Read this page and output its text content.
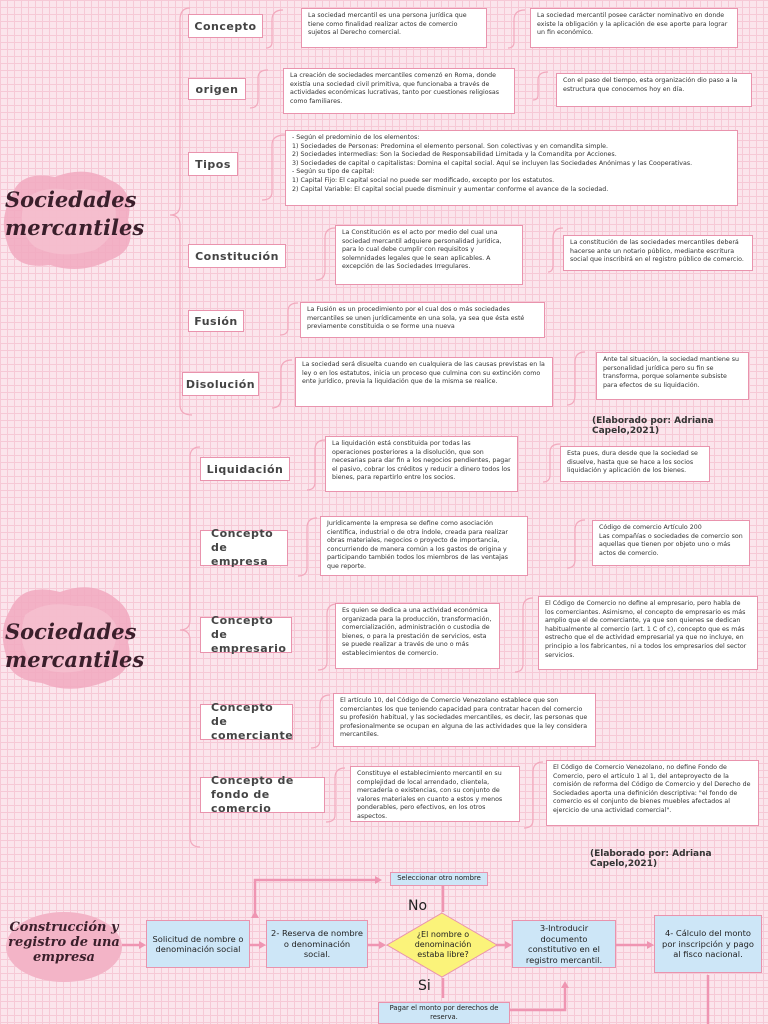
Sociedades mercantiles
Sociedades mercantiles
Concepto
origen
Tipos
Constitución
Fusión
Disolución
La sociedad mercantil es una persona jurídica que tiene como finalidad realizar actos de comercio sujetos al Derecho comercial.
La sociedad mercantil posee carácter nominativo en donde existe la obligación y la aplicación de ese aporte para lograr un fin económico.
La creación de sociedades mercantiles comenzó en Roma, donde existía una sociedad civil primitiva, que funcionaba a través de actividades económicas lucrativas, tanto por cuestiones religiosas como familiares.
Con el paso del tiempo, esta organización dio paso a la estructura que conocemos hoy en día.
- Según el predominio de los elementos:
1) Sociedades de Personas: Predomina el elemento personal. Son colectivas y en comandita simple.
2) Sociedades intermedias: Son la Sociedad de Responsabilidad Limitada y la Comandita por Acciones.
3) Sociedades de capital o capitalistas: Domina el capital social. Aquí se incluyen las Sociedades Anónimas y las Cooperativas.
- Según su tipo de capital:
1) Capital Fijo: El capital social no puede ser modificado, excepto por los estatutos.
2) Capital Variable: El capital social puede disminuir y aumentar conforme el avance de la sociedad.
La Constitución es el acto por medio del cual una sociedad mercantil adquiere personalidad jurídica, para lo cual debe cumplir con requisitos y solemnidades legales que le sean aplicables. A excepción de las Sociedades Irregulares.
La constitución de las sociedades mercantiles deberá hacerse ante un notario público, mediante escritura social que inscribirá en el registro público de comercio.
La Fusión es un procedimiento por el cual dos o más sociedades mercantiles se unen jurídicamente en una sola, ya sea que ésta esté previamente constituida o se forme una nueva
La sociedad será disuelta cuando en cualquiera de las causas previstas en la ley o en los estatutos, inicia un proceso que culmina con su extinción como ente jurídico, previa la liquidación que de la misma se realice.
Ante tal situación, la sociedad mantiene su personalidad jurídica pero su fin se transforma, porque solamente subsiste para efectos de su liquidación.
(Elaborado por: Adriana Capelo,2021)
Liquidación
Concepto de empresa
Concepto de empresario
Concepto de comerciante
Concepto de fondo de comercio
La liquidación está constituida por todas las operaciones posteriores a la disolución, que son necesarias para dar fin a los negocios pendientes, pagar el pasivo, cobrar los créditos y reducir a dinero todos los bienes, para repartirlo entre los socios.
Esta pues, dura desde que la sociedad se disuelve, hasta que se hace a los socios liquidación y aplicación de los bienes.
Jurídicamente la empresa se define como asociación científica, industrial o de otra índole, creada para realizar obras materiales, negocios o proyecto de importancia, concurriendo de manera común a los gastos de origina y participando también todos los miembros de las ventajas que reporte.
Código de comercio Artículo 200
Las compañías o sociedades de comercio son aquellas que tienen por objeto uno o más actos de comercio.
Es quien se dedica a una actividad económica organizada para la producción, transformación, comercialización, administración o custodia de bienes, o para la prestación de servicios, esta se puede realizar a través de uno o más establecimientos de comercio.
El Código de Comercio no define al empresario, pero habla de los comerciantes. Asimismo, el concepto de empresario es más amplio que el de comerciante, ya que son quienes se dedican habitualmente al comercio (art. 1 C of c), concepto que es más estrecho que el de actividad empresarial ya que no incluye, en principio a los fabricantes, ni a todos los empresarios del sector servicios.
El artículo 10, del Código de Comercio Venezolano establece que son comerciantes los que teniendo capacidad para contratar hacen del comercio su profesión habitual, y las sociedades mercantiles, es decir, las personas que profesionalmente se ocupan en alguna de las actividades que la ley considera mercantiles.
Constituye el establecimiento mercantil en su complejidad de local arrendado, clientela, mercadería o existencias, con su conjunto de valores materiales en cuanto a estos y menos ponderables, pero efectivos, en los otros aspectos.
El Código de Comercio Venezolano, no define Fondo de Comercio, pero el artículo 1 al 1, del anteproyecto de la comisión de reforma del Código de Comercio y del Derecho de Sociedades aporta una definición descriptiva: "el fondo de comercio es el conjunto de bienes muebles afectados al ejercicio de una actividad comercial".
(Elaborado por: Adriana Capelo,2021)
Construcción y registro de una empresa
Solicitud de nombre o denominación social
2- Reserva de nombre o denominación social.
¿El nombre o denominación estaba libre?
3-Introducir documento constitutivo en el registro mercantil.
4- Cálculo del monto por inscripción y pago al fisco nacional.
Seleccionar otro nombre
Pagar el monto por derechos de reserva.
No
Si
